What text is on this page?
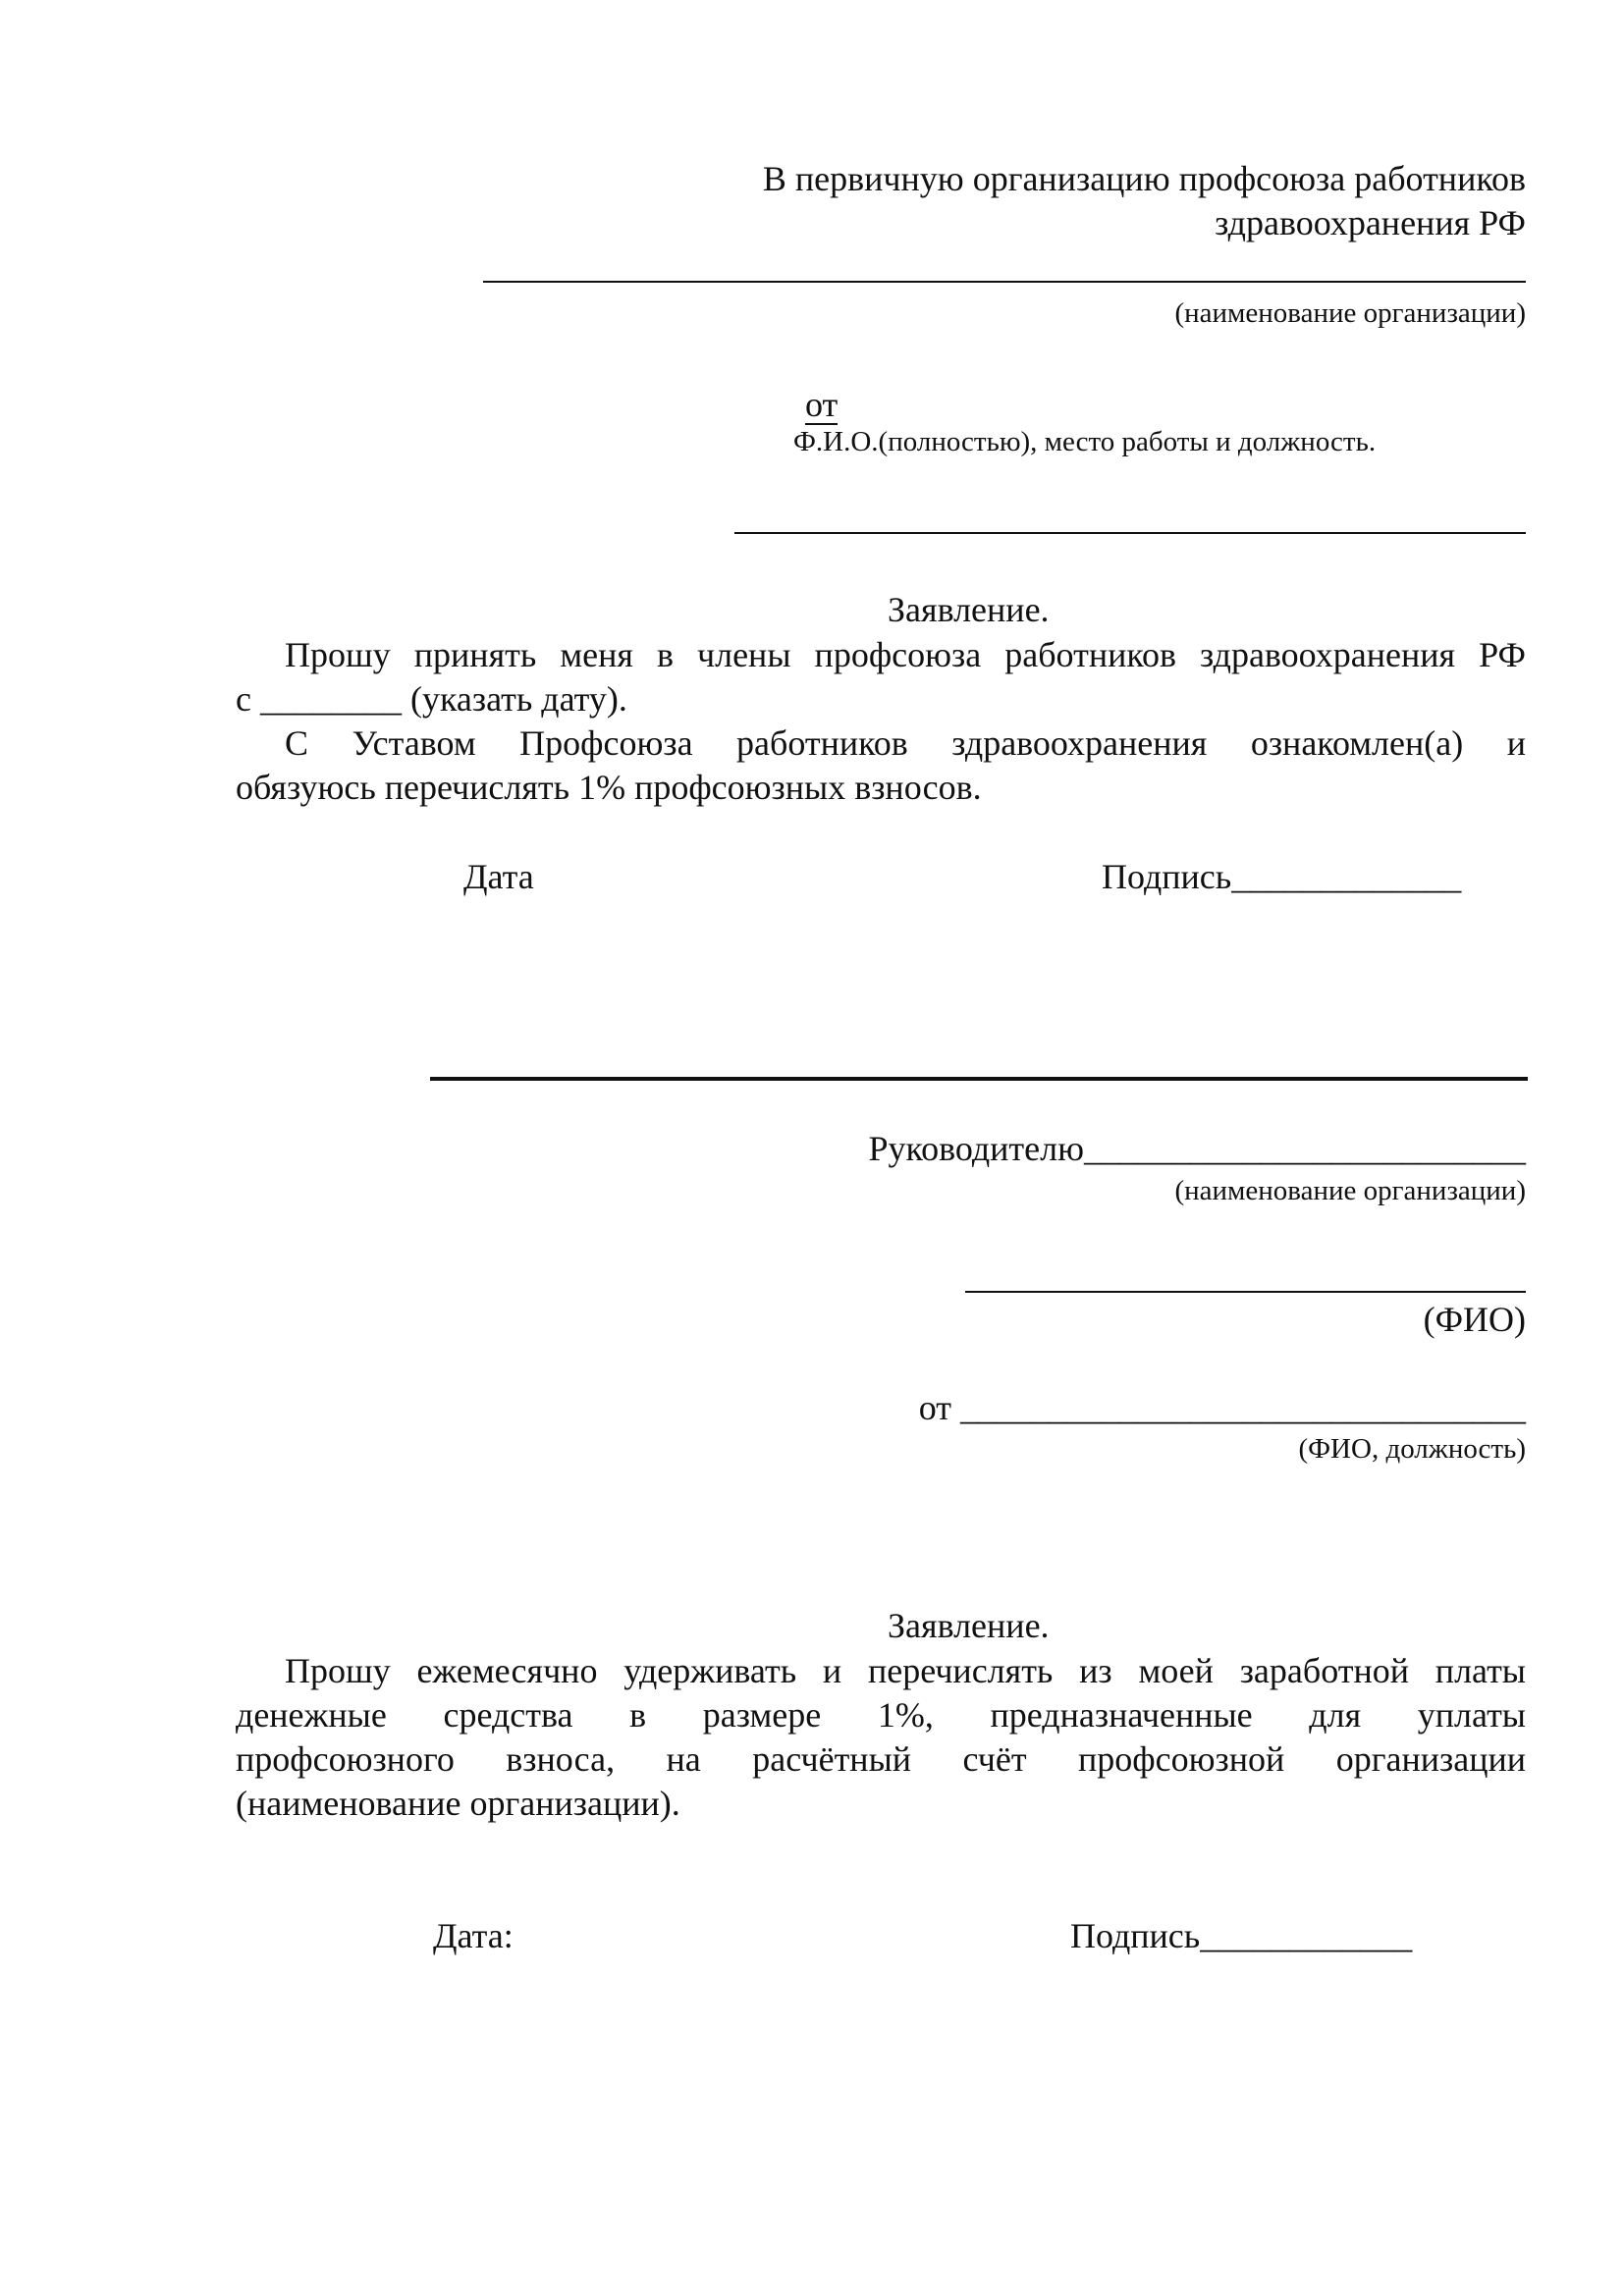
В первичную организацию профсоюза работников
здравоохранения РФ
(наименование организации)
от
Ф.И.О.(полностью), место работы и должность.
Заявление.
Прошу принять меня в члены профсоюза работников здравоохранения РФ
с ________ (указать дату).
С Уставом Профсоюза работников здравоохранения ознакомлен(а) и
обязуюсь перечислять 1% профсоюзных взносов.
Дата	Подпись_____________
Руководителю_________________________
(наименование организации)
(ФИО)
от ________________________________
(ФИО, должность)
Заявление.
Прошу ежемесячно удерживать и перечислять из моей заработной платы
денежные средства в размере 1%, предназначенные для уплаты
профсоюзного взноса, на расчётный счёт профсоюзной организации
(наименование организации).
Дата:	Подпись____________
